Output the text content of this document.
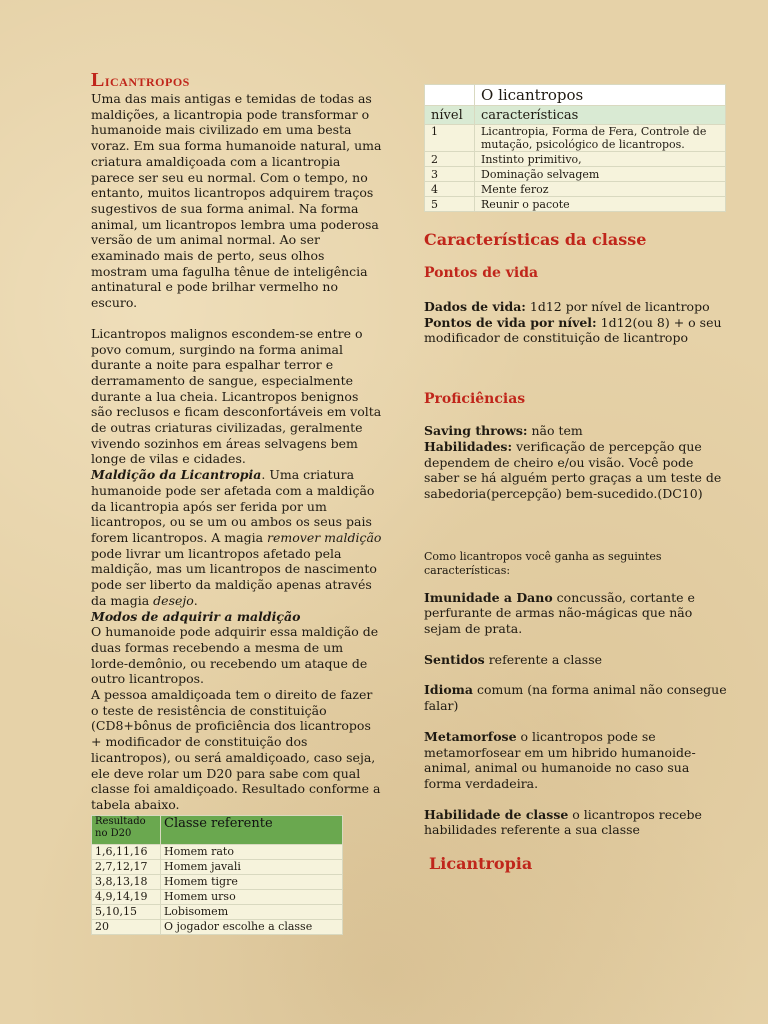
Licantropos

Uma das mais antigas e temidas de todas as maldições, a licantropia pode transformar o humanoide mais civilizado em uma besta voraz. Em sua forma humanoide natural, uma criatura amaldiçoada com a licantropia parece ser seu eu normal. Com o tempo, no entanto, muitos licantropos adquirem traços sugestivos de sua forma animal. Na forma animal, um licantropos lembra uma poderosa versão de um animal normal. Ao ser examinado mais de perto, seus olhos mostram uma fagulha tênue de inteligência antinatural e pode brilhar vermelho no escuro.

Licantropos malignos escondem-se entre o povo comum, surgindo na forma animal durante a noite para espalhar terror e derramamento de sangue, especialmente durante a lua cheia. Licantropos benignos são reclusos e ficam desconfortáveis em volta de outras criaturas civilizadas, geralmente vivendo sozinhos em áreas selvagens bem longe de vilas e cidades.

Maldição da Licantropia. Uma criatura humanoide pode ser afetada com a maldição da licantropia após ser ferida por um licantropos, ou se um ou ambos os seus pais forem licantropos. A magia remover maldição pode livrar um licantropos afetado pela maldição, mas um licantropos de nascimento pode ser liberto da maldição apenas através da magia desejo.

Modos de adquirir a maldição

O humanoide pode adquirir essa maldição de duas formas recebendo a mesma de um lorde-demônio, ou recebendo um ataque de outro licantropos.

A pessoa amaldiçoada tem o direito de fazer o teste de resistência de constituição (CD8+bônus de proficiência dos licantropos + modificador de constituição dos licantropos), ou será amaldiçoado, caso seja, ele deve rolar um D20 para sabe com qual classe foi amaldiçoado. Resultado conforme a tabela abaixo.

Resultado no D20	Classe referente
1,6,11,16	Homem rato
2,7,12,17	Homem javali
3,8,13,18	Homem tigre
4,9,14,19	Homem urso
5,10,15	Lobisomem
20	O jogador escolhe a classe
	O licantropos
nível	características
1	Licantropia, Forma de Fera, Controle de mutação, psicológico de licantropos.
2	Instinto primitivo,
3	Dominação selvagem
4	Mente feroz
5	Reunir o pacote
Características da classe
Pontos de vida

Dados de vida: 1d12 por nível de licantropo

Pontos de vida por nível: 1d12(ou 8) + o seu modificador de constituição de licantropo

Proficiências

Saving throws: não tem

Habilidades: verificação de percepção que dependem de cheiro e/ou visão. Você pode saber se há alguém perto graças a um teste de sabedoria(percepção) bem-sucedido.(DC10)

Como licantropos você ganha as seguintes características:

Imunidade a Dano concussão, cortante e perfurante de armas não-mágicas que não sejam de prata.

Sentidos referente a classe

Idioma comum (na forma animal não consegue falar)

Metamorfose o licantropos pode se metamorfosear em um hibrido humanoide-animal, animal ou humanoide no caso sua forma verdadeira.

Habilidade de classe o licantropos recebe habilidades referente a sua classe

Licantropia
